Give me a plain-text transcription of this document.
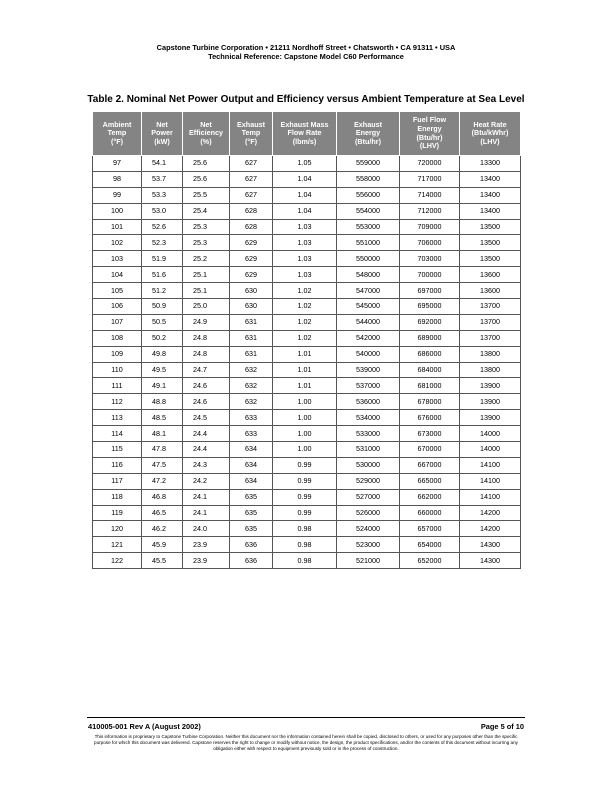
Capstone Turbine Corporation • 21211 Nordhoff Street • Chatsworth • CA 91311 • USA
Technical Reference: Capstone Model C60 Performance
Table 2. Nominal Net Power Output and Efficiency versus Ambient Temperature at Sea Level
Ambient
Temp
(°F)	Net
Power
(kW)	Net
Efficiency
(%)	Exhaust
Temp
(°F)	Exhaust Mass
Flow Rate
(lbm/s)	Exhaust
Energy
(Btu/hr)	Fuel Flow
Energy
(Btu/hr)
(LHV)	Heat Rate
(Btu/kWhr)
(LHV)
97	54.1	25.6	627	1.05	559000	720000	13300
98	53.7	25.6	627	1.04	558000	717000	13400
99	53.3	25.5	627	1.04	556000	714000	13400
100	53.0	25.4	628	1.04	554000	712000	13400
101	52.6	25.3	628	1.03	553000	709000	13500
102	52.3	25.3	629	1.03	551000	706000	13500
103	51.9	25.2	629	1.03	550000	703000	13500
104	51.6	25.1	629	1.03	548000	700000	13600
105	51.2	25.1	630	1.02	547000	697000	13600
106	50.9	25.0	630	1.02	545000	695000	13700
107	50.5	24.9	631	1.02	544000	692000	13700
108	50.2	24.8	631	1.02	542000	689000	13700
109	49.8	24.8	631	1.01	540000	686000	13800
110	49.5	24.7	632	1.01	539000	684000	13800
111	49.1	24.6	632	1.01	537000	681000	13900
112	48.8	24.6	632	1.00	536000	678000	13900
113	48.5	24.5	633	1.00	534000	676000	13900
114	48.1	24.4	633	1.00	533000	673000	14000
115	47.8	24.4	634	1.00	531000	670000	14000
116	47.5	24.3	634	0.99	530000	667000	14100
117	47.2	24.2	634	0.99	529000	665000	14100
118	46.8	24.1	635	0.99	527000	662000	14100
119	46.5	24.1	635	0.99	526000	660000	14200
120	46.2	24.0	635	0.98	524000	657000	14200
121	45.9	23.9	636	0.98	523000	654000	14300
122	45.5	23.9	636	0.98	521000	652000	14300
410005-001 Rev A (August 2002)	Page 5 of 10
This information is proprietary to Capstone Turbine Corporation. Neither this document nor the information contained herein shall be copied, disclosed to others, or used for any purposes other than the specific purpose for which this document was delivered. Capstone reserves the right to change or modify without notice, the design, the product specifications, and/or the contents of this document without incurring any obligation either with respect to equipment previously sold or in the process of construction.
